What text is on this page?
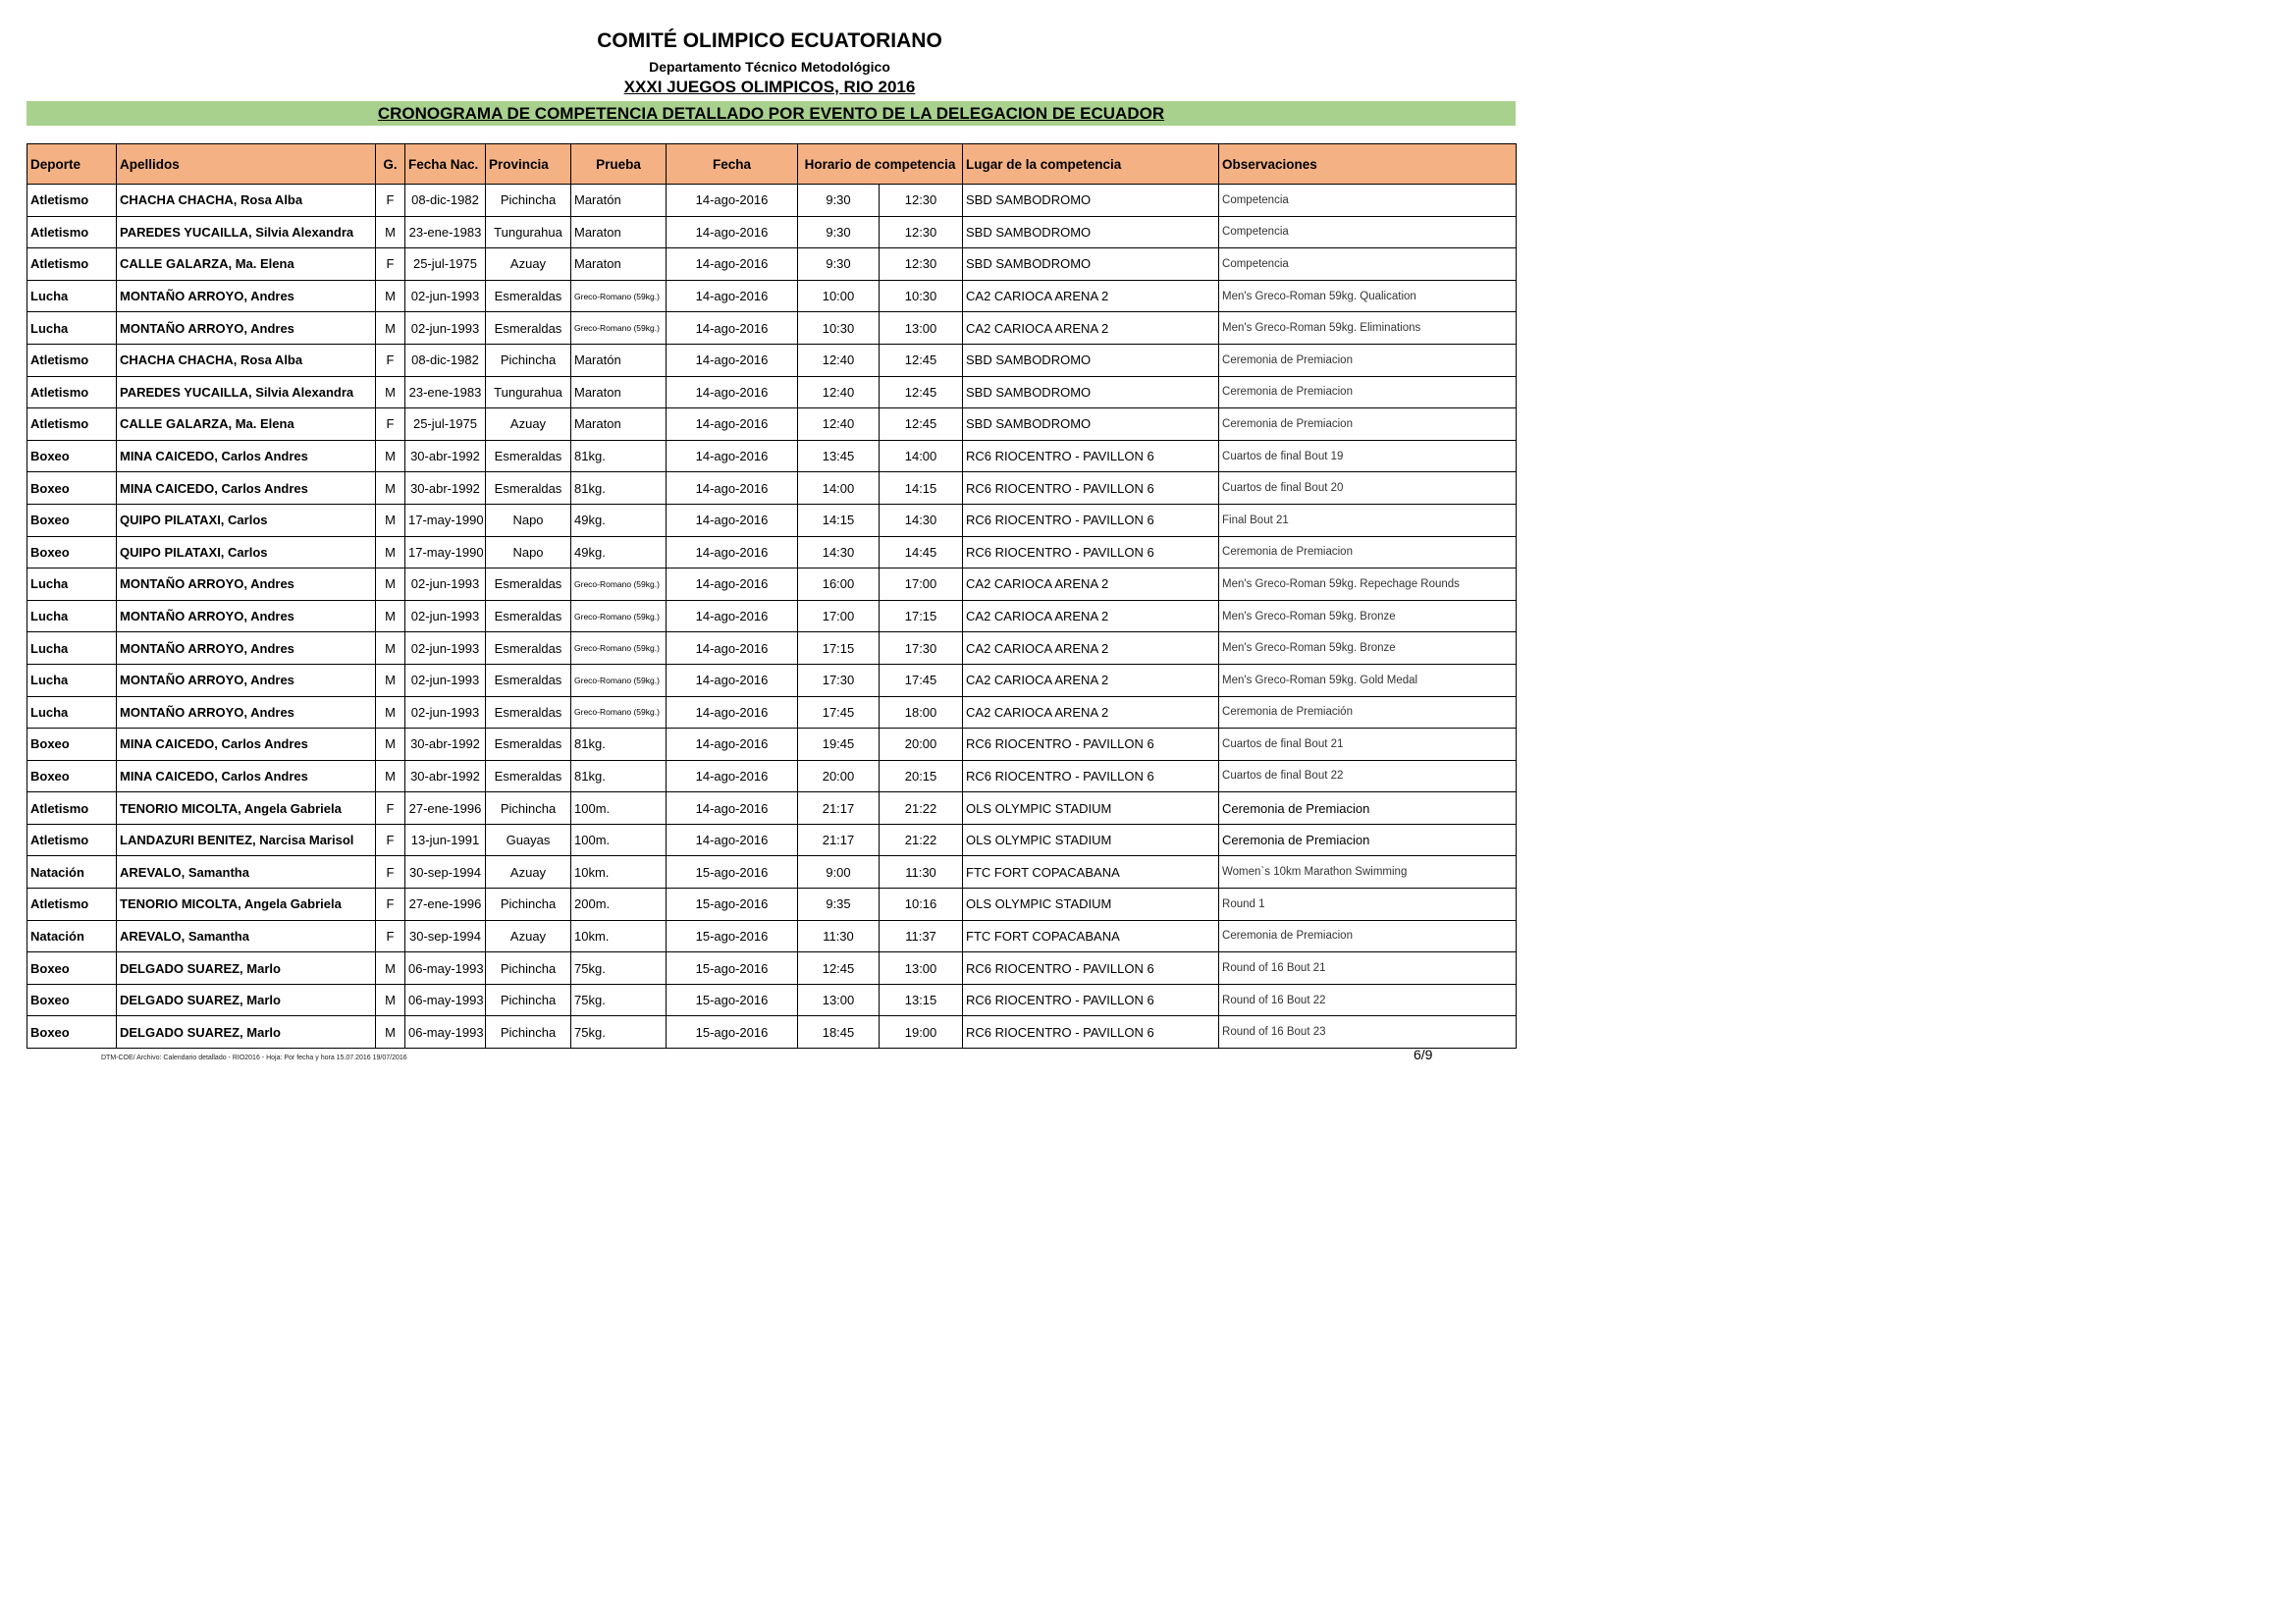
COMITÉ OLIMPICO ECUATORIANO
Departamento Técnico Metodológico
XXXI JUEGOS OLIMPICOS, RIO 2016
CRONOGRAMA DE COMPETENCIA DETALLADO POR EVENTO DE LA DELEGACION DE ECUADOR
Deporte	Apellidos	G.	Fecha Nac.	Provincia	Prueba	Fecha	Horario de competencia		Lugar de la competencia	Observaciones
Atletismo	CHACHA CHACHA, Rosa Alba	F	08-dic-1982	Pichincha	Maratón	14-ago-2016	9:30	12:30	SBD SAMBODROMO	Competencia
Atletismo	PAREDES YUCAILLA, Silvia Alexandra	M	23-ene-1983	Tungurahua	Maraton	14-ago-2016	9:30	12:30	SBD SAMBODROMO	Competencia
Atletismo	CALLE GALARZA, Ma. Elena	F	25-jul-1975	Azuay	Maraton	14-ago-2016	9:30	12:30	SBD SAMBODROMO	Competencia
Lucha	MONTAÑO ARROYO, Andres	M	02-jun-1993	Esmeraldas	Greco-Romano (59kg.)	14-ago-2016	10:00	10:30	CA2 CARIOCA ARENA 2	Men's Greco-Roman 59kg. Qualication
Lucha	MONTAÑO ARROYO, Andres	M	02-jun-1993	Esmeraldas	Greco-Romano (59kg.)	14-ago-2016	10:30	13:00	CA2 CARIOCA ARENA 2	Men's Greco-Roman 59kg. Eliminations
Atletismo	CHACHA CHACHA, Rosa Alba	F	08-dic-1982	Pichincha	Maratón	14-ago-2016	12:40	12:45	SBD SAMBODROMO	Ceremonia de Premiacion
Atletismo	PAREDES YUCAILLA, Silvia Alexandra	M	23-ene-1983	Tungurahua	Maraton	14-ago-2016	12:40	12:45	SBD SAMBODROMO	Ceremonia de Premiacion
Atletismo	CALLE GALARZA, Ma. Elena	F	25-jul-1975	Azuay	Maraton	14-ago-2016	12:40	12:45	SBD SAMBODROMO	Ceremonia de Premiacion
Boxeo	MINA CAICEDO, Carlos Andres	M	30-abr-1992	Esmeraldas	81kg.	14-ago-2016	13:45	14:00	RC6 RIOCENTRO - PAVILLON 6	Cuartos de final Bout 19
Boxeo	MINA CAICEDO, Carlos Andres	M	30-abr-1992	Esmeraldas	81kg.	14-ago-2016	14:00	14:15	RC6 RIOCENTRO - PAVILLON 6	Cuartos de final Bout 20
Boxeo	QUIPO PILATAXI, Carlos	M	17-may-1990	Napo	49kg.	14-ago-2016	14:15	14:30	RC6 RIOCENTRO - PAVILLON 6	Final Bout 21
Boxeo	QUIPO PILATAXI, Carlos	M	17-may-1990	Napo	49kg.	14-ago-2016	14:30	14:45	RC6 RIOCENTRO - PAVILLON 6	Ceremonia de Premiacion
Lucha	MONTAÑO ARROYO, Andres	M	02-jun-1993	Esmeraldas	Greco-Romano (59kg.)	14-ago-2016	16:00	17:00	CA2 CARIOCA ARENA 2	Men's Greco-Roman 59kg. Repechage Rounds
Lucha	MONTAÑO ARROYO, Andres	M	02-jun-1993	Esmeraldas	Greco-Romano (59kg.)	14-ago-2016	17:00	17:15	CA2 CARIOCA ARENA 2	Men's Greco-Roman 59kg. Bronze
Lucha	MONTAÑO ARROYO, Andres	M	02-jun-1993	Esmeraldas	Greco-Romano (59kg.)	14-ago-2016	17:15	17:30	CA2 CARIOCA ARENA 2	Men's Greco-Roman 59kg. Bronze
Lucha	MONTAÑO ARROYO, Andres	M	02-jun-1993	Esmeraldas	Greco-Romano (59kg.)	14-ago-2016	17:30	17:45	CA2 CARIOCA ARENA 2	Men's Greco-Roman 59kg. Gold Medal
Lucha	MONTAÑO ARROYO, Andres	M	02-jun-1993	Esmeraldas	Greco-Romano (59kg.)	14-ago-2016	17:45	18:00	CA2 CARIOCA ARENA 2	Ceremonia de Premiación
Boxeo	MINA CAICEDO, Carlos Andres	M	30-abr-1992	Esmeraldas	81kg.	14-ago-2016	19:45	20:00	RC6 RIOCENTRO - PAVILLON 6	Cuartos de final Bout 21
Boxeo	MINA CAICEDO, Carlos Andres	M	30-abr-1992	Esmeraldas	81kg.	14-ago-2016	20:00	20:15	RC6 RIOCENTRO - PAVILLON 6	Cuartos de final Bout 22
Atletismo	TENORIO MICOLTA, Angela Gabriela	F	27-ene-1996	Pichincha	100m.	14-ago-2016	21:17	21:22	OLS OLYMPIC STADIUM	Ceremonia de Premiacion
Atletismo	LANDAZURI BENITEZ, Narcisa Marisol	F	13-jun-1991	Guayas	100m.	14-ago-2016	21:17	21:22	OLS OLYMPIC STADIUM	Ceremonia de Premiacion
Natación	AREVALO, Samantha	F	30-sep-1994	Azuay	10km.	15-ago-2016	9:00	11:30	FTC FORT COPACABANA	Women`s 10km Marathon Swimming
Atletismo	TENORIO MICOLTA, Angela Gabriela	F	27-ene-1996	Pichincha	200m.	15-ago-2016	9:35	10:16	OLS OLYMPIC STADIUM	Round 1
Natación	AREVALO, Samantha	F	30-sep-1994	Azuay	10km.	15-ago-2016	11:30	11:37	FTC FORT COPACABANA	Ceremonia de Premiacion
Boxeo	DELGADO SUAREZ, Marlo	M	06-may-1993	Pichincha	75kg.	15-ago-2016	12:45	13:00	RC6 RIOCENTRO - PAVILLON 6	Round of 16 Bout 21
Boxeo	DELGADO SUAREZ, Marlo	M	06-may-1993	Pichincha	75kg.	15-ago-2016	13:00	13:15	RC6 RIOCENTRO - PAVILLON 6	Round of 16 Bout 22
Boxeo	DELGADO SUAREZ, Marlo	M	06-may-1993	Pichincha	75kg.	15-ago-2016	18:45	19:00	RC6 RIOCENTRO - PAVILLON 6	Round of 16 Bout 23
DTM-COE/ Archivo: Calendario detallado - RIO2016 - Hoja: Por fecha y hora 15.07.2016 19/07/2016	6/9
